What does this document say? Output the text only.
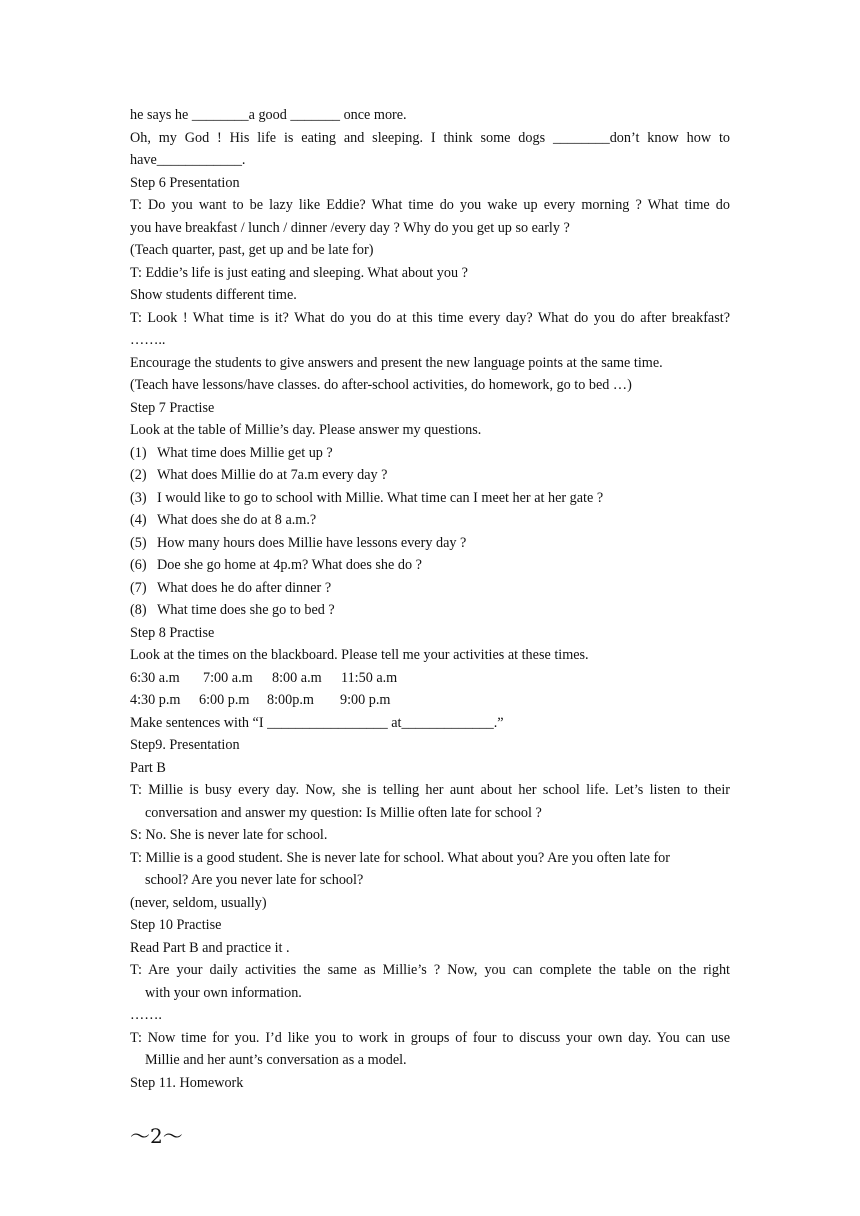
he says he ________a good _______ once more.
Oh, my God ! His life is eating and sleeping. I think some dogs ________don’t know how to
have____________.
Step 6 Presentation
T: Do you want to be lazy like Eddie? What time do you wake up every morning ? What time do
you have breakfast / lunch / dinner /every day ? Why do you get up so early ?
(Teach quarter, past, get up and be late for)
T: Eddie’s life is just eating and sleeping. What about you ?
Show students different time.
T: Look ! What time is it? What do you do at this time every day? What do you do after breakfast?
……..
Encourage the students to give answers and present the new language points at the same time.
(Teach have lessons/have classes. do after-school activities, do homework, go to bed …)
Step 7 Practise
Look at the table of Millie’s day. Please answer my questions.
(1) What time does Millie get up ?
(2) What does Millie do at 7a.m every day ?
(3) I would like to go to school with Millie. What time can I meet her at her gate ?
(4) What does she do at 8 a.m.?
(5) How many hours does Millie have lessons every day ?
(6) Doe she go home at 4p.m? What does she do ?
(7) What does he do after dinner ?
(8) What time does she go to bed ?
Step 8 Practise
Look at the times on the blackboard. Please tell me your activities at these times.
6:30 a.m 7:00 a.m 8:00 a.m 11:50 a.m
4:30 p.m 6:00 p.m 8:00p.m 9:00 p.m
Make sentences with “I _________________ at_____________.”
Step9. Presentation
Part B
T: Millie is busy every day. Now, she is telling her aunt about her school life. Let’s listen to their
conversation and answer my question: Is Millie often late for school ?
S: No. She is never late for school.
T: Millie is a good student. She is never late for school. What about you? Are you often late for
school? Are you never late for school?
(never, seldom, usually)
Step 10 Practise
Read Part B and practice it .
T: Are your daily activities the same as Millie’s ? Now, you can complete the table on the right
with your own information.
…….
T: Now time for you. I’d like you to work in groups of four to discuss your own day. You can use
Millie and her aunt’s conversation as a model.
Step 11. Homework
～2～
